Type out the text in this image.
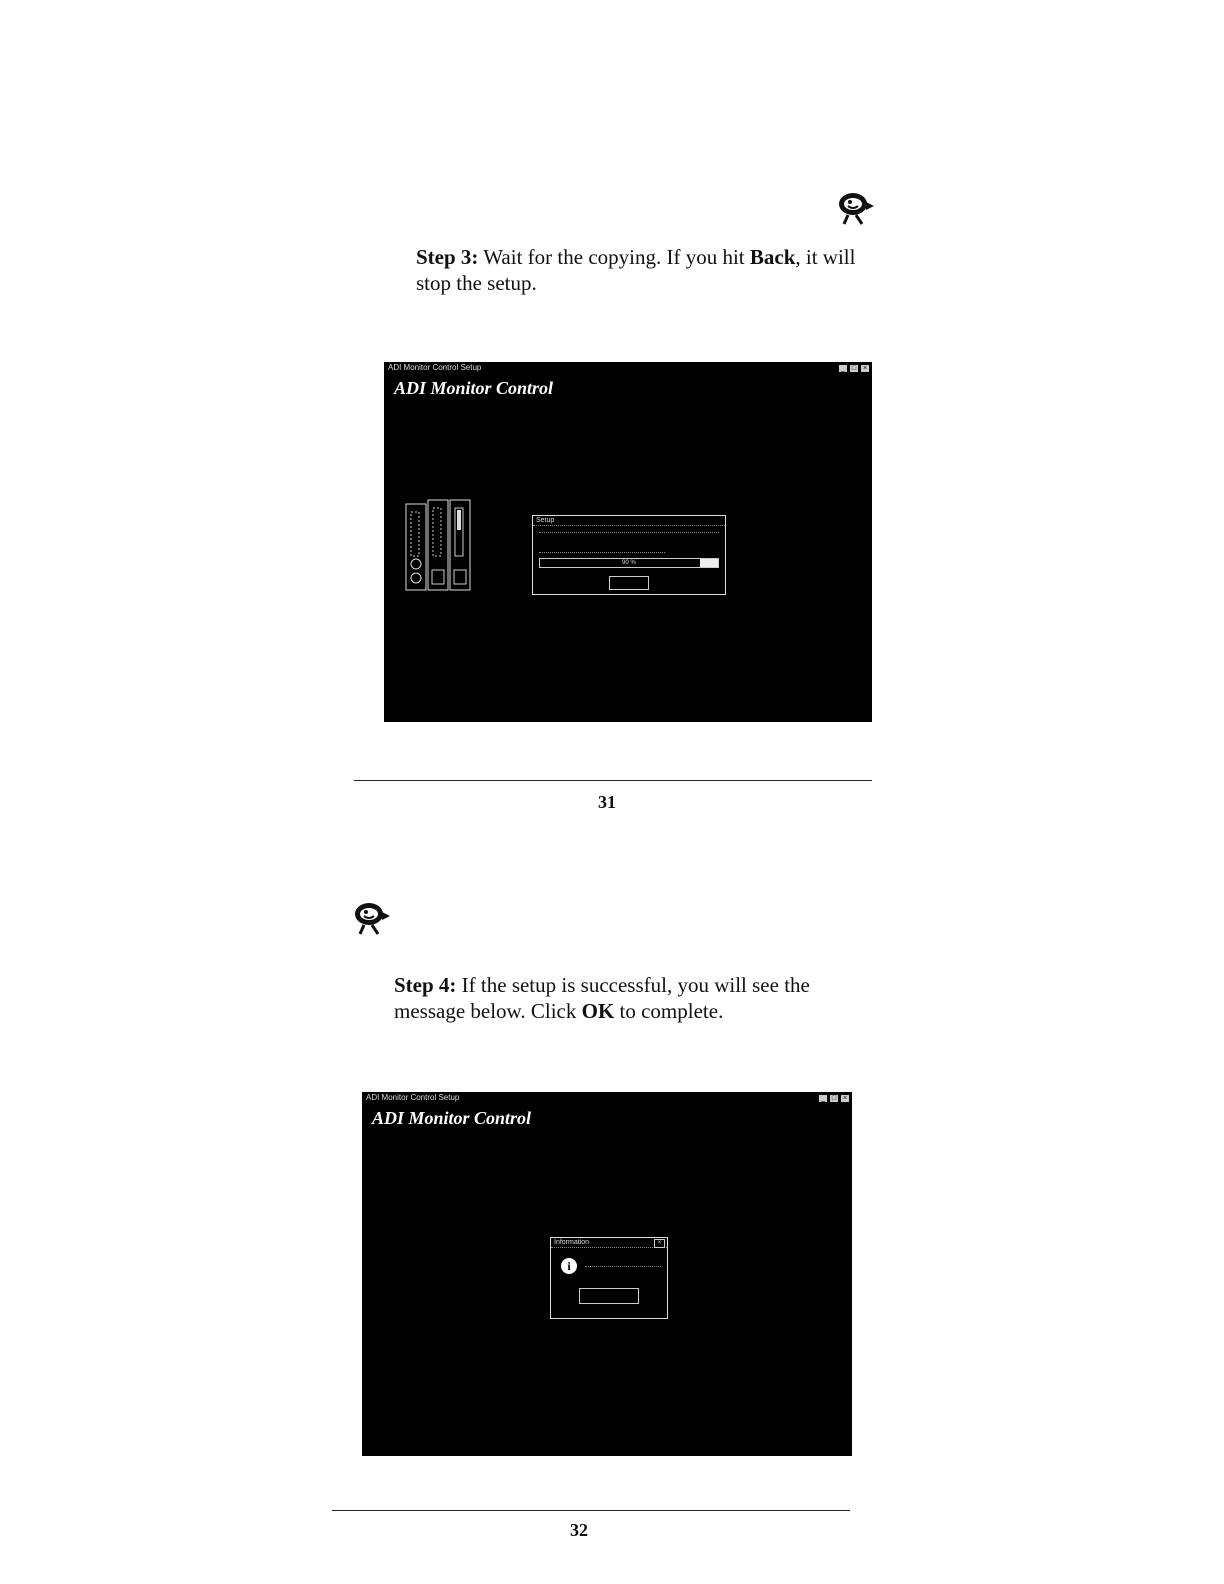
Step 3: Wait for the copying. If you hit Back, it will stop the setup.
ADI Monitor Control Setup	_ □ ×
ADI Monitor Control
Setup
90 %
31
Step 4: If the setup is successful, you will see the message below. Click OK to complete.
ADI Monitor Control Setup	_ □ ×
ADI Monitor Control
Information	×
i
32
